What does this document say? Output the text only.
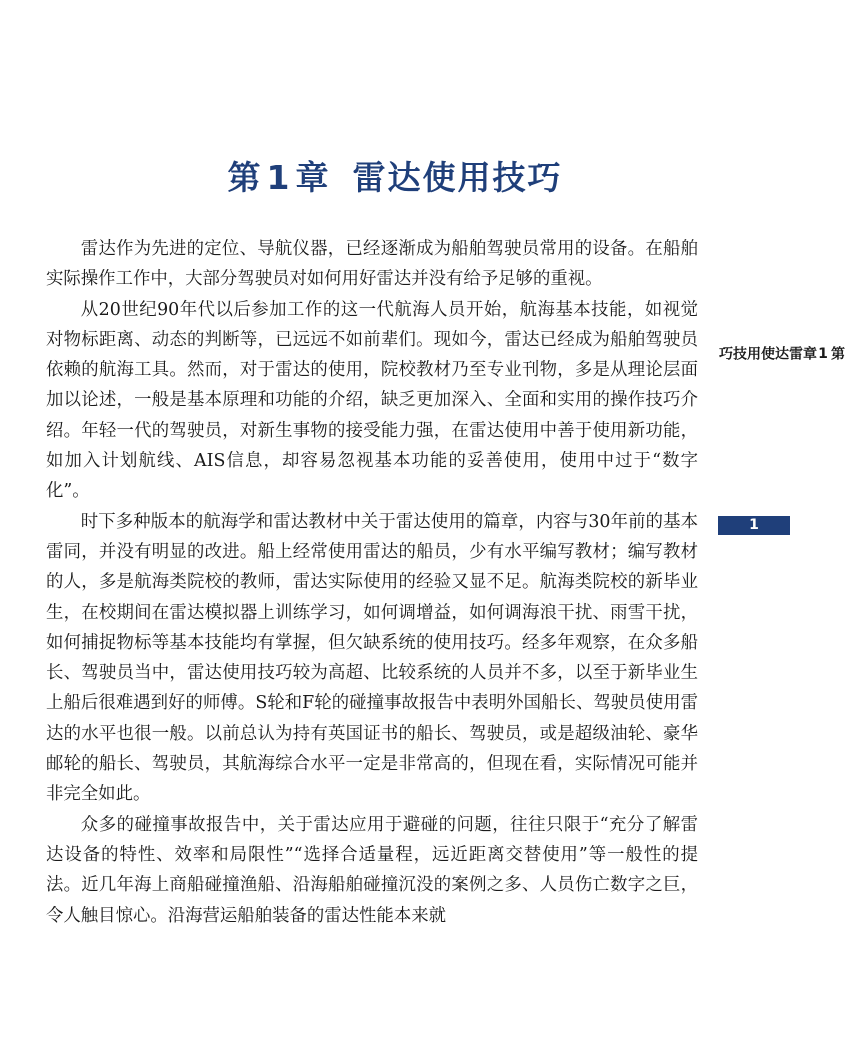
第 1 章 雷达使用技巧

雷达作为先进的定位、导航仪器，已经逐渐成为船舶驾驶员常用的设备。在船舶实际操作工作中，大部分驾驶员对如何用好雷达并没有给予足够的重视。

从20世纪90年代以后参加工作的这一代航海人员开始，航海基本技能，如视觉对物标距离、动态的判断等，已远远不如前辈们。现如今，雷达已经成为船舶驾驶员依赖的航海工具。然而，对于雷达的使用，院校教材乃至专业刊物，多是从理论层面加以论述，一般是基本原理和功能的介绍，缺乏更加深入、全面和实用的操作技巧介绍。年轻一代的驾驶员，对新生事物的接受能力强，在雷达使用中善于使用新功能，如加入计划航线、AIS信息，却容易忽视基本功能的妥善使用，使用中过于“数字化”。

时下多种版本的航海学和雷达教材中关于雷达使用的篇章，内容与30年前的基本雷同，并没有明显的改进。船上经常使用雷达的船员，少有水平编写教材；编写教材的人，多是航海类院校的教师，雷达实际使用的经验又显不足。航海类院校的新毕业生，在校期间在雷达模拟器上训练学习，如何调增益，如何调海浪干扰、雨雪干扰，如何捕捉物标等基本技能均有掌握，但欠缺系统的使用技巧。经多年观察，在众多船长、驾驶员当中，雷达使用技巧较为高超、比较系统的人员并不多，以至于新毕业生上船后很难遇到好的师傅。S轮和F轮的碰撞事故报告中表明外国船长、驾驶员使用雷达的水平也很一般。以前总认为持有英国证书的船长、驾驶员，或是超级油轮、豪华邮轮的船长、驾驶员，其航海综合水平一定是非常高的，但现在看，实际情况可能并非完全如此。

众多的碰撞事故报告中，关于雷达应用于避碰的问题，往往只限于“充分了解雷达设备的特性、效率和局限性”“选择合适量程，远近距离交替使用”等一般性的提法。近几年海上商船碰撞渔船、沿海船舶碰撞沉没的案例之多、人员伤亡数字之巨，令人触目惊心。沿海营运船舶装备的雷达性能本来就

第
1
章
雷
达
使
用
技
巧
1
